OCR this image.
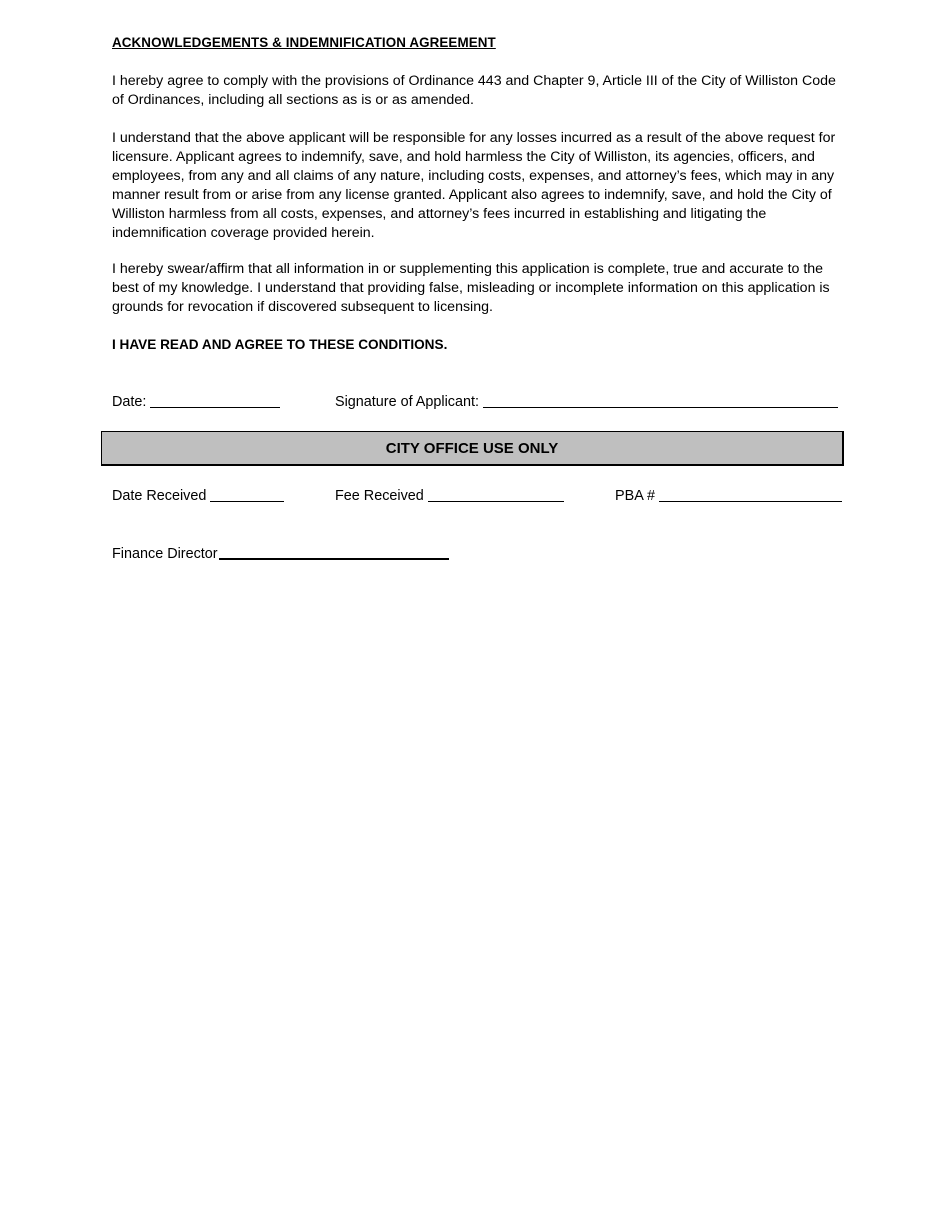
ACKNOWLEDGEMENTS & INDEMNIFICATION AGREEMENT
I hereby agree to comply with the provisions of Ordinance 443 and Chapter 9, Article III of the City of Williston Code of Ordinances, including all sections as is or as amended.
I understand that the above applicant will be responsible for any losses incurred as a result of the above request for licensure. Applicant agrees to indemnify, save, and hold harmless the City of Williston, its agencies, officers, and employees, from any and all claims of any nature, including costs, expenses, and attorney’s fees, which may in any manner result from or arise from any license granted. Applicant also agrees to indemnify, save, and hold the City of Williston harmless from all costs, expenses, and attorney’s fees incurred in establishing and litigating the indemnification coverage provided herein.
I hereby swear/affirm that all information in or supplementing this application is complete, true and accurate to the best of my knowledge. I understand that providing false, misleading or incomplete information on this application is grounds for revocation if discovered subsequent to licensing.
I HAVE READ AND AGREE TO THESE CONDITIONS.
Date:	Signature of Applicant:
CITY OFFICE USE ONLY
Date Received	Fee Received	PBA #
Finance Director
